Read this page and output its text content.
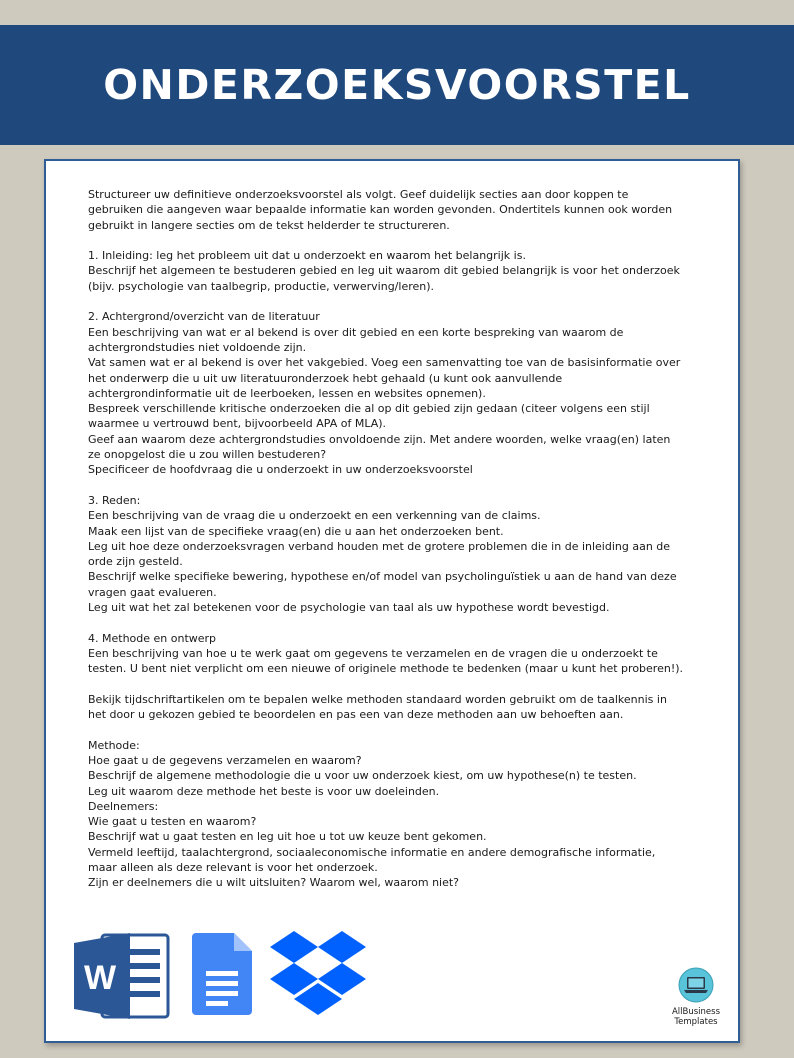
ONDERZOEKSVOORSTEL
Structureer uw definitieve onderzoeksvoorstel als volgt. Geef duidelijk secties aan door koppen te
gebruiken die aangeven waar bepaalde informatie kan worden gevonden. Ondertitels kunnen ook worden
gebruikt in langere secties om de tekst helderder te structureren.
1. Inleiding: leg het probleem uit dat u onderzoekt en waarom het belangrijk is.
Beschrijf het algemeen te bestuderen gebied en leg uit waarom dit gebied belangrijk is voor het onderzoek
(bijv. psychologie van taalbegrip, productie, verwerving/leren).
2. Achtergrond/overzicht van de literatuur
Een beschrijving van wat er al bekend is over dit gebied en een korte bespreking van waarom de
achtergrondstudies niet voldoende zijn.
Vat samen wat er al bekend is over het vakgebied. Voeg een samenvatting toe van de basisinformatie over
het onderwerp die u uit uw literatuuronderzoek hebt gehaald (u kunt ook aanvullende
achtergrondinformatie uit de leerboeken, lessen en websites opnemen).
Bespreek verschillende kritische onderzoeken die al op dit gebied zijn gedaan (citeer volgens een stijl
waarmee u vertrouwd bent, bijvoorbeeld APA of MLA).
Geef aan waarom deze achtergrondstudies onvoldoende zijn. Met andere woorden, welke vraag(en) laten
ze onopgelost die u zou willen bestuderen?
Specificeer de hoofdvraag die u onderzoekt in uw onderzoeksvoorstel
3. Reden:
Een beschrijving van de vraag die u onderzoekt en een verkenning van de claims.
Maak een lijst van de specifieke vraag(en) die u aan het onderzoeken bent.
Leg uit hoe deze onderzoeksvragen verband houden met de grotere problemen die in de inleiding aan de
orde zijn gesteld.
Beschrijf welke specifieke bewering, hypothese en/of model van psycholinguïstiek u aan de hand van deze
vragen gaat evalueren.
Leg uit wat het zal betekenen voor de psychologie van taal als uw hypothese wordt bevestigd.
4. Methode en ontwerp
Een beschrijving van hoe u te werk gaat om gegevens te verzamelen en de vragen die u onderzoekt te
testen. U bent niet verplicht om een nieuwe of originele methode te bedenken (maar u kunt het proberen!).
Bekijk tijdschriftartikelen om te bepalen welke methoden standaard worden gebruikt om de taalkennis in
het door u gekozen gebied te beoordelen en pas een van deze methoden aan uw behoeften aan.
Methode:
Hoe gaat u de gegevens verzamelen en waarom?
Beschrijf de algemene methodologie die u voor uw onderzoek kiest, om uw hypothese(n) te testen.
Leg uit waarom deze methode het beste is voor uw doeleinden.
Deelnemers:
Wie gaat u testen en waarom?
Beschrijf wat u gaat testen en leg uit hoe u tot uw keuze bent gekomen.
Vermeld leeftijd, taalachtergrond, sociaaleconomische informatie en andere demografische informatie,
maar alleen als deze relevant is voor het onderzoek.
Zijn er deelnemers die u wilt uitsluiten? Waarom wel, waarom niet?
W
AllBusiness
Templates
